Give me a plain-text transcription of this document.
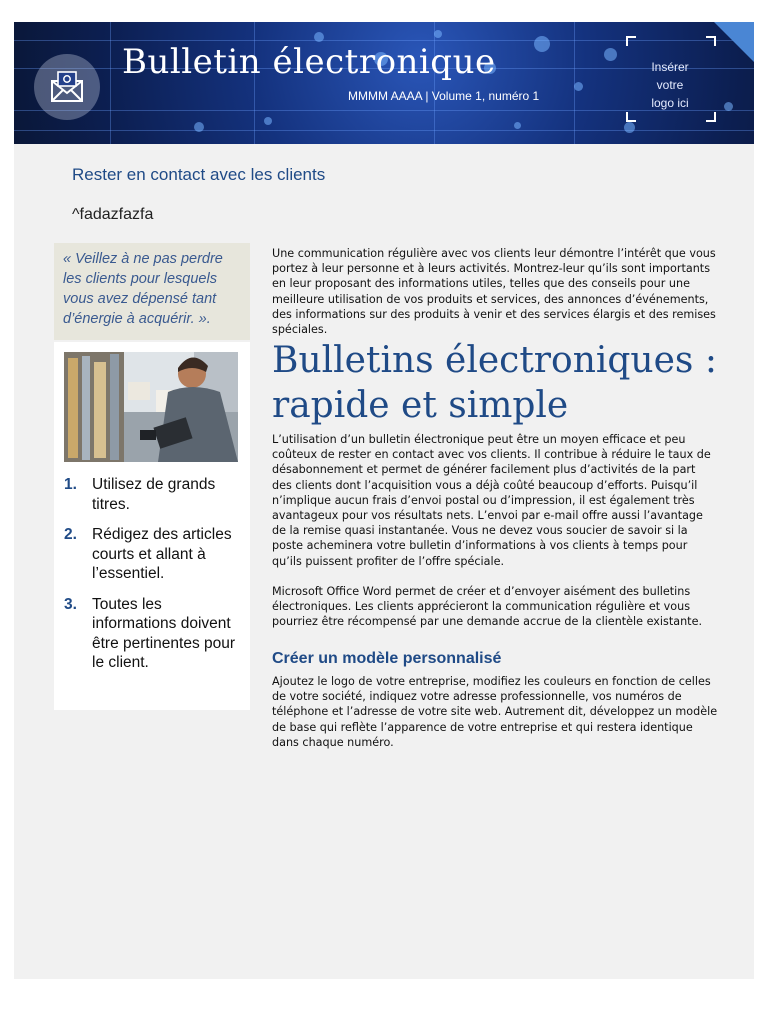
Bulletin électronique
MMMM AAAA | Volume 1, numéro 1
Insérer
votre
logo ici
Rester en contact avec les clients
^fadazfazfa
« Veillez à ne pas perdre les clients pour lesquels vous avez dépensé tant d’énergie à acquérir. ».
1. Utilisez de grands titres.
2. Rédigez des articles courts et allant à l’essentiel.
3. Toutes les informations doivent être pertinentes pour le client.

Une communication régulière avec vos clients leur démontre l’intérêt que vous portez à leur personne et à leurs activités. Montrez-leur qu’ils sont importants en leur proposant des informations utiles, telles que des conseils pour une meilleure utilisation de vos produits et services, des annonces d’événements, des informations sur des produits à venir et des services élargis et des remises spéciales.

Bulletins électroniques : rapide et simple

L’utilisation d’un bulletin électronique peut être un moyen efficace et peu coûteux de rester en contact avec vos clients. Il contribue à réduire le taux de désabonnement et permet de générer facilement plus d’activités de la part des clients dont l’acquisition vous a déjà coûté beaucoup d’efforts. Puisqu’il n’implique aucun frais d’envoi postal ou d’impression, il est également très avantageux pour vos résultats nets. L’envoi par e-mail offre aussi l’avantage de la remise quasi instantanée. Vous ne devez vous soucier de savoir si la poste acheminera votre bulletin d’informations à vos clients à temps pour qu’ils puissent profiter de l’offre spéciale.

Microsoft Office Word permet de créer et d’envoyer aisément des bulletins électroniques. Les clients apprécieront la communication régulière et vous pourriez être récompensé par une demande accrue de la clientèle existante.

Créer un modèle personnalisé

Ajoutez le logo de votre entreprise, modifiez les couleurs en fonction de celles de votre société, indiquez votre adresse professionnelle, vos numéros de téléphone et l’adresse de votre site web. Autrement dit, développez un modèle de base qui reflète l’apparence de votre entreprise et qui restera identique dans chaque numéro.
